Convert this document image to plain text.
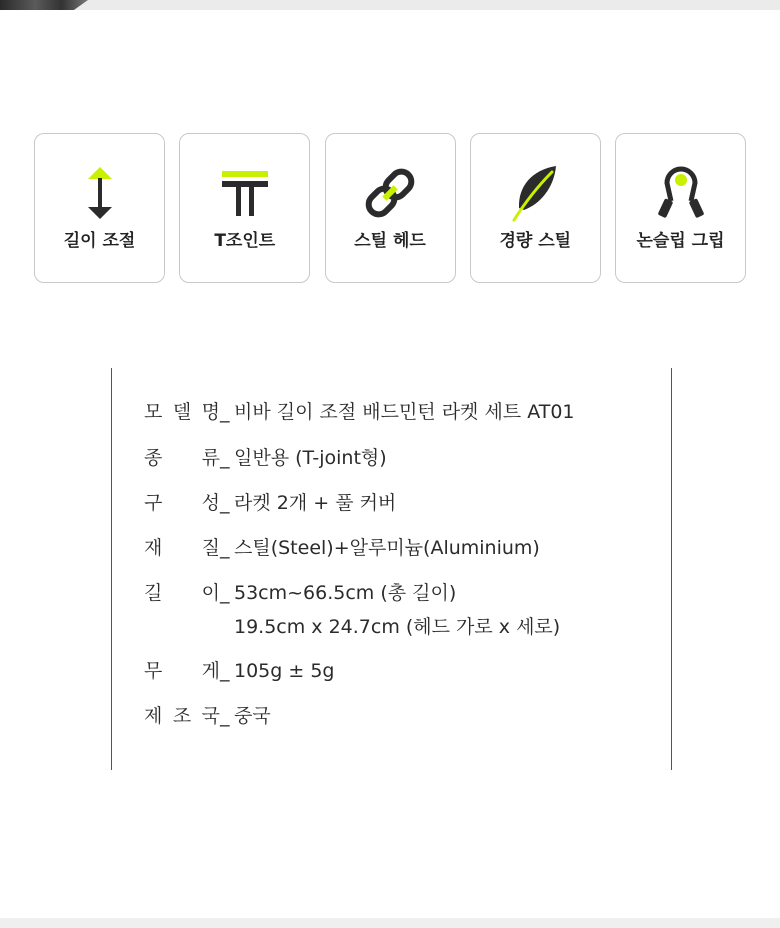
길이 조절	T조인트	스틸 헤드	경량 스틸	논슬립 그립
모 델 명 _ 비바 길이 조절 배드민턴 라켓 세트 AT01
종 류 _ 일반용 (T-joint형)
구 성 _ 라켓 2개 + 풀 커버
재 질 _ 스틸(Steel)+알루미늄(Aluminium)
길 이 _ 53cm~66.5cm (총 길이)
19.5cm x 24.7cm (헤드 가로 x 세로)
무 게 _ 105g ± 5g
제 조 국 _ 중국
